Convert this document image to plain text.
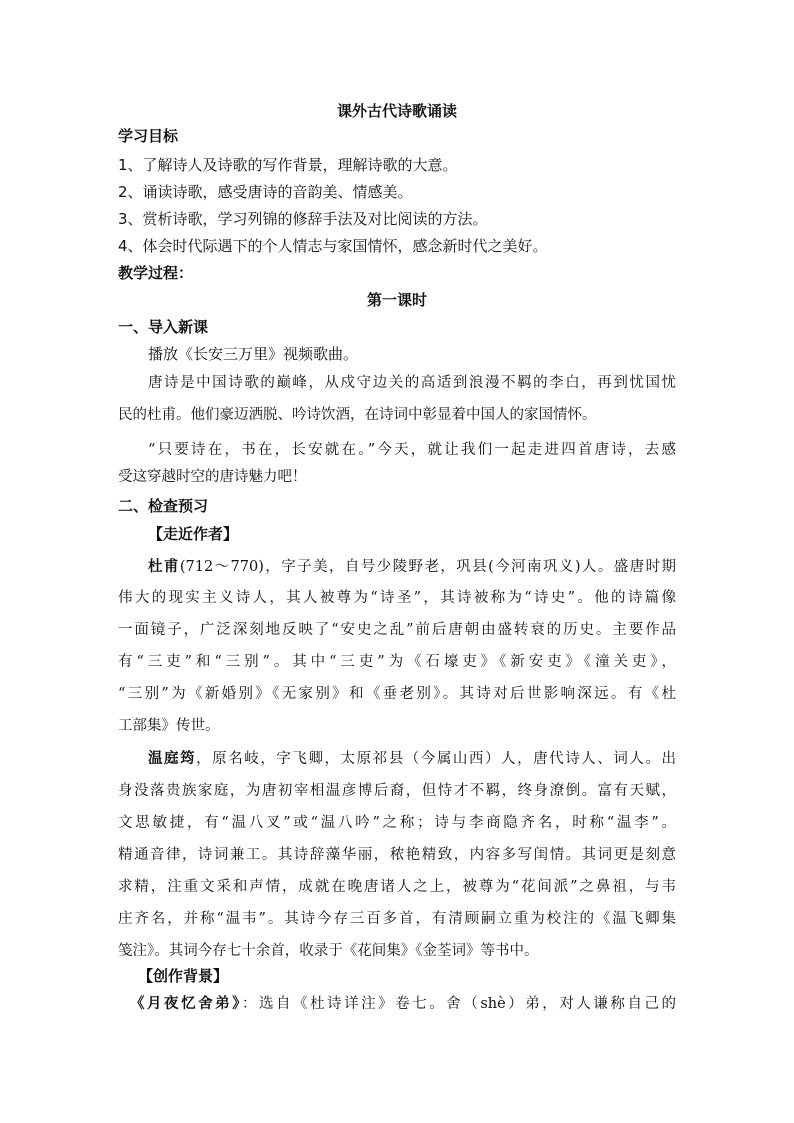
课外古代诗歌诵读
学习目标
1、了解诗人及诗歌的写作背景，理解诗歌的大意。
2、诵读诗歌，感受唐诗的音韵美、情感美。
3、赏析诗歌，学习列锦的修辞手法及对比阅读的方法。
4、体会时代际遇下的个人情志与家国情怀，感念新时代之美好。
教学过程：
第一课时
一、导入新课
播放《长安三万里》视频歌曲。
唐诗是中国诗歌的巅峰，从戍守边关的高适到浪漫不羁的李白，再到忧国忧
民的杜甫。他们豪迈洒脱、吟诗饮酒，在诗词中彰显着中国人的家国情怀。
“只要诗在，书在，长安就在。”今天，就让我们一起走进四首唐诗，去感
受这穿越时空的唐诗魅力吧！
二、检查预习
【走近作者】
杜甫(712～770)，字子美，自号少陵野老，巩县(今河南巩义)人。盛唐时期
伟大的现实主义诗人，其人被尊为“诗圣”，其诗被称为“诗史”。他的诗篇像
一面镜子，广泛深刻地反映了“安史之乱”前后唐朝由盛转衰的历史。主要作品
有“三吏”和“三别”。其中“三吏”为《石壕吏》《新安吏》《潼关吏》，
“三别”为《新婚别》《无家别》和《垂老别》。其诗对后世影响深远。有《杜
工部集》传世。
温庭筠，原名岐，字飞卿，太原祁县（今属山西）人，唐代诗人、词人。出
身没落贵族家庭，为唐初宰相温彦博后裔，但恃才不羁，终身潦倒。富有天赋，
文思敏捷，有“温八叉”或“温八吟”之称；诗与李商隐齐名，时称“温李”。
精通音律，诗词兼工。其诗辞藻华丽，秾艳精致，内容多写闺情。其词更是刻意
求精，注重文采和声情，成就在晚唐诸人之上，被尊为“花间派”之鼻祖，与韦
庄齐名，并称“温韦”。其诗今存三百多首，有清顾嗣立重为校注的《温飞卿集
笺注》。其词今存七十余首，收录于《花间集》《金荃词》等书中。
【创作背景】
《月夜忆舍弟》：选自《杜诗详注》卷七。舍（shè）弟，对人谦称自己的
